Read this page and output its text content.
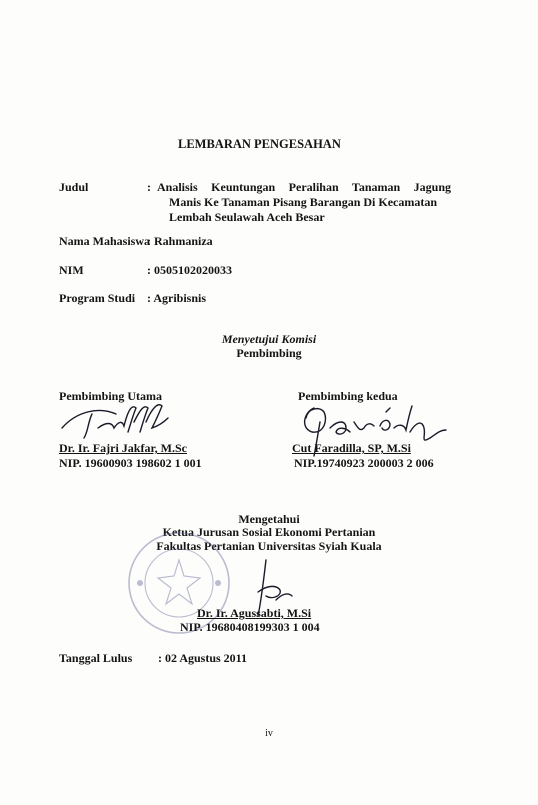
LEMBARAN PENGESAHAN
Judul	: Analisis Keuntungan Peralihan Tanaman Jagung
Manis Ke Tanaman Pisang Barangan Di Kecamatan
Lembah Seulawah Aceh Besar
Nama Mahasiswa
: Rahmaniza
NIM	: 0505102020033
Program Studi : Agribisnis
Menyetujui Komisi
Pembimbing
Pembimbing Utama
Dr. Ir. Fajri Jakfar, M.Sc
NIP. 19600903 198602 1 001
Pembimbing kedua
Cut Faradilla, SP, M.Si
NIP.19740923 200003 2 006
Mengetahui
Ketua Jurusan Sosial Ekonomi Pertanian
Fakultas Pertanian Universitas Syiah Kuala
Dr. Ir. Agussabti, M.Si
NIP. 19680408199303 1 004
Tanggal Lulus : 02 Agustus 2011
iv
